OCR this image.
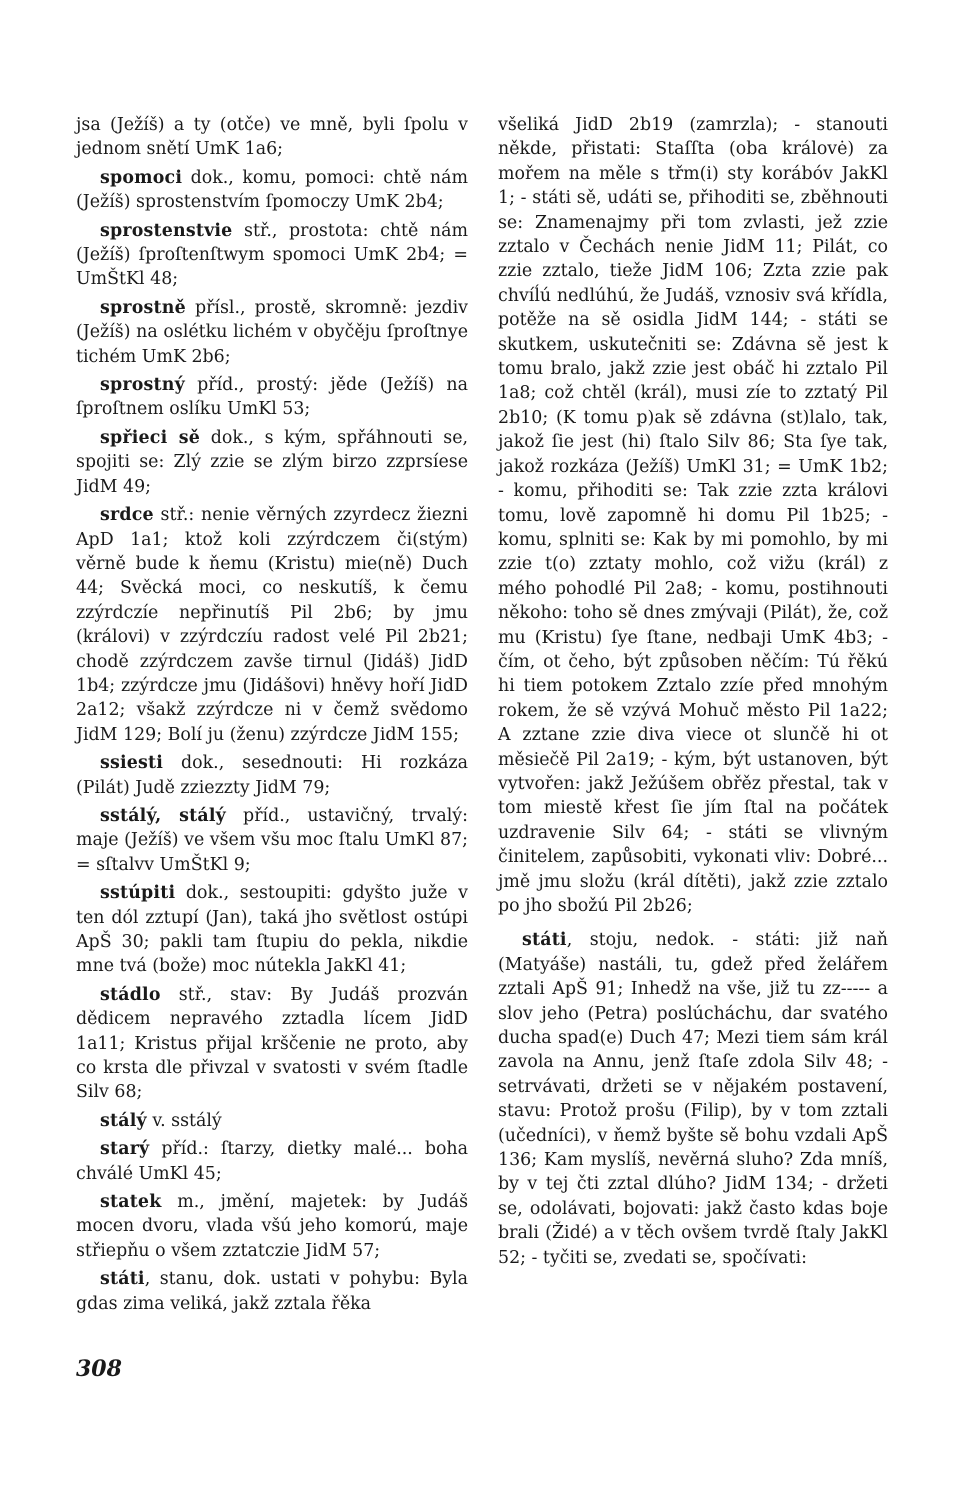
jsa (Ježíš) a ty (otče) ve mně, byli ſpolu v jednom snětí UmK 1a6;

spomoci dok., komu, pomoci: chtě nám (Ježíš) sprostenstvím ſpomoczy UmK 2b4;

sprostenstvie stř., prostota: chtě nám (Ježíš) ſproſtenſtwym spomoci UmK 2b4; = UmŠtKl 48;

sprostně přísl., prostě, skromně: jezdiv (Ježíš) na oslétku lichém v obyčěju ſproſtnye tichém UmK 2b6;

sprostný příd., prostý: jěde (Ježíš) na ſproſtnem oslíku UmKl 53;

spřieci sě dok., s kým, spřáhnouti se, spojiti se: Zlý zzie se zlým birzo zzprsíese JidM 49;

srdce stř.: nenie věrných zzyrdecz žiezni ApD 1a1; ktož koli zzýrdczem či(stým) věrně bude k ňemu (Kristu) mie(ně) Duch 44; Svěcká moci, co neskutíš, k čemu zzýrdczíe nepřinutíš Pil 2b6; by jmu (královi) v zzýrdczíu radost velé Pil 2b21; chodě zzýrdczem zavše tirnul (Jidáš) JidD 1b4; zzýrdcze jmu (Jidášovi) hněvy hoří JidD 2a12; všakž zzýrdcze ni v čemž svědomo JidM 129; Bolí ju (ženu) zzýrdcze JidM 155;

ssiesti dok., sesednouti: Hi rozkáza (Pilát) Judě zziezzty JidM 79;

sstálý, stálý příd., ustavičný, trvalý: maje (Ježíš) ve všem všu moc ſtalu UmKl 87; = sſtalvv UmŠtKl 9;

sstúpiti dok., sestoupiti: gdyšto juže v ten dól zztupí (Jan), taká jho světlost ostúpi ApŠ 30; pakli tam ſtupiu do pekla, nikdie mne tvá (bože) moc nútekla JakKl 41;

stádlo stř., stav: By Judáš prozván dědicem nepravého zztadla lícem JidD 1a11; Kristus přijal krščenie ne proto, aby co krsta dle přivzal v svatosti v svém ſtadle Silv 68;

stálý v. sstálý

starý příd.: ſtarzy, dietky malé... boha chválé UmKl 45;

statek m., jmění, majetek: by Judáš mocen dvoru, vlada všú jeho komorú, maje střiepňu o všem zztatczie JidM 57;

státi, stanu, dok. ustati v pohybu: Byla gdas zima veliká, jakž zztala řěka

všeliká JidD 2b19 (zamrzla); - stanouti někde, přistati: Staſſta (oba královė) za mořem na měle s třm(i) sty korábóv JakKl 1; - státi sě, udáti se, přihoditi se, zběhnouti se: Znamenajmy při tom zvlasti, jež zzie zztalo v Čechách nenie JidM 11; Pilát, co zzie zztalo, tieže JidM 106; Zzta zzie pak chvíĺú nedlúhú, že Judáš, vznosiv svá křídla, potěže na sě osidla JidM 144; - státi se skutkem, uskutečniti se: Zdávna sě jest k tomu bralo, jakž zzie jest obáč hi zztalo Pil 1a8; což chtěl (král), musi zíe to zztatý Pil 2b10; (K tomu p)ak sě zdávna (st)lalo, tak, jakož ſie jest (hi) ſtalo Silv 86; Sta ſye tak, jakož rozkáza (Ježíš) UmKl 31; = UmK 1b2; - komu, přihoditi se: Tak zzie zzta královi tomu, lově zapomně hi domu Pil 1b25; - komu, splniti se: Kak by mi pomohlo, by mi zzie t(o) zztaty mohlo, což vižu (král) z mého pohodlé Pil 2a8; - komu, postihnouti někoho: toho sě dnes zmývaji (Pilát), že, což mu (Kristu) ſye ſtane, nedbaji UmK 4b3; - čím, ot čeho, být způsoben něčím: Tú řěkú hi tiem potokem Zztalo zzíe před mnohým rokem, že sě vzývá Mohuč město Pil 1a22; A zztane zzie diva viece ot slunčě hi ot měsiečě Pil 2a19; - kým, být ustanoven, být vytvořen: jakž Ježúšem obřěz přestal, tak v tom miestě křest ſie jím ſtal na počátek uzdravenie Silv 64; - státi se vlivným činitelem, zapůsobiti, vykonati vliv: Dobré... jmě jmu složu (král dítěti), jakž zzie zztalo po jho sbožú Pil 2b26;

státi, stoju, nedok. - státi: již naň (Matyáše) nastáli, tu, gdež před želářem zztali ApŠ 91; Inhedž na vše, již tu zz----- a slov jeho (Petra) poslúcháchu, dar svatého ducha spad(e) Duch 47; Mezi tiem sám král zavola na Annu, jenž ſtaſe zdola Silv 48; - setrvávati, držeti se v nějakém postavení, stavu: Protož prošu (Filip), by v tom zztali (učedníci), v ňemž byšte sě bohu vzdali ApŠ 136; Kam myslíš, nevěrná sluho? Zda mníš, by v tej čti zztal dlúho? JidM 134; - držeti se, odolávati, bojovati: jakž často kdas boje brali (Židé) a v těch ovšem tvrdě ſtaly JakKl 52; - tyčiti se, zvedati se, spočívati:

308
